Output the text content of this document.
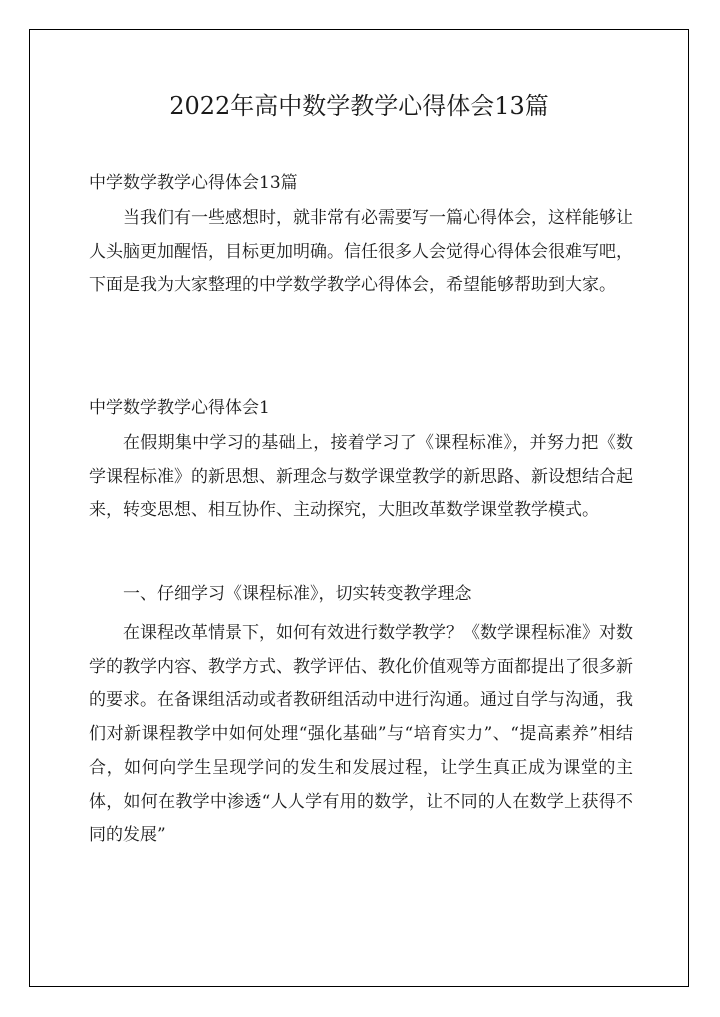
2022年高中数学教学心得体会13篇
中学数学教学心得体会13篇
当我们有一些感想时，就非常有必需要写一篇心得体会，这样能够让人头脑更加醒悟，目标更加明确。信任很多人会觉得心得体会很难写吧，下面是我为大家整理的中学数学教学心得体会，希望能够帮助到大家。
中学数学教学心得体会1
在假期集中学习的基础上，接着学习了《课程标准》，并努力把《数学课程标准》的新思想、新理念与数学课堂教学的新思路、新设想结合起来，转变思想、相互协作、主动探究，大胆改革数学课堂教学模式。
一、仔细学习《课程标准》，切实转变教学理念
在课程改革情景下，如何有效进行数学教学？《数学课程标准》对数学的教学内容、教学方式、教学评估、教化价值观等方面都提出了很多新的要求。在备课组活动或者教研组活动中进行沟通。通过自学与沟通，我们对新课程教学中如何处理“强化基础”与“培育实力”、“提高素养”相结合，如何向学生呈现学问的发生和发展过程，让学生真正成为课堂的主体，如何在教学中渗透“人人学有用的数学，让不同的人在数学上获得不同的发展”
